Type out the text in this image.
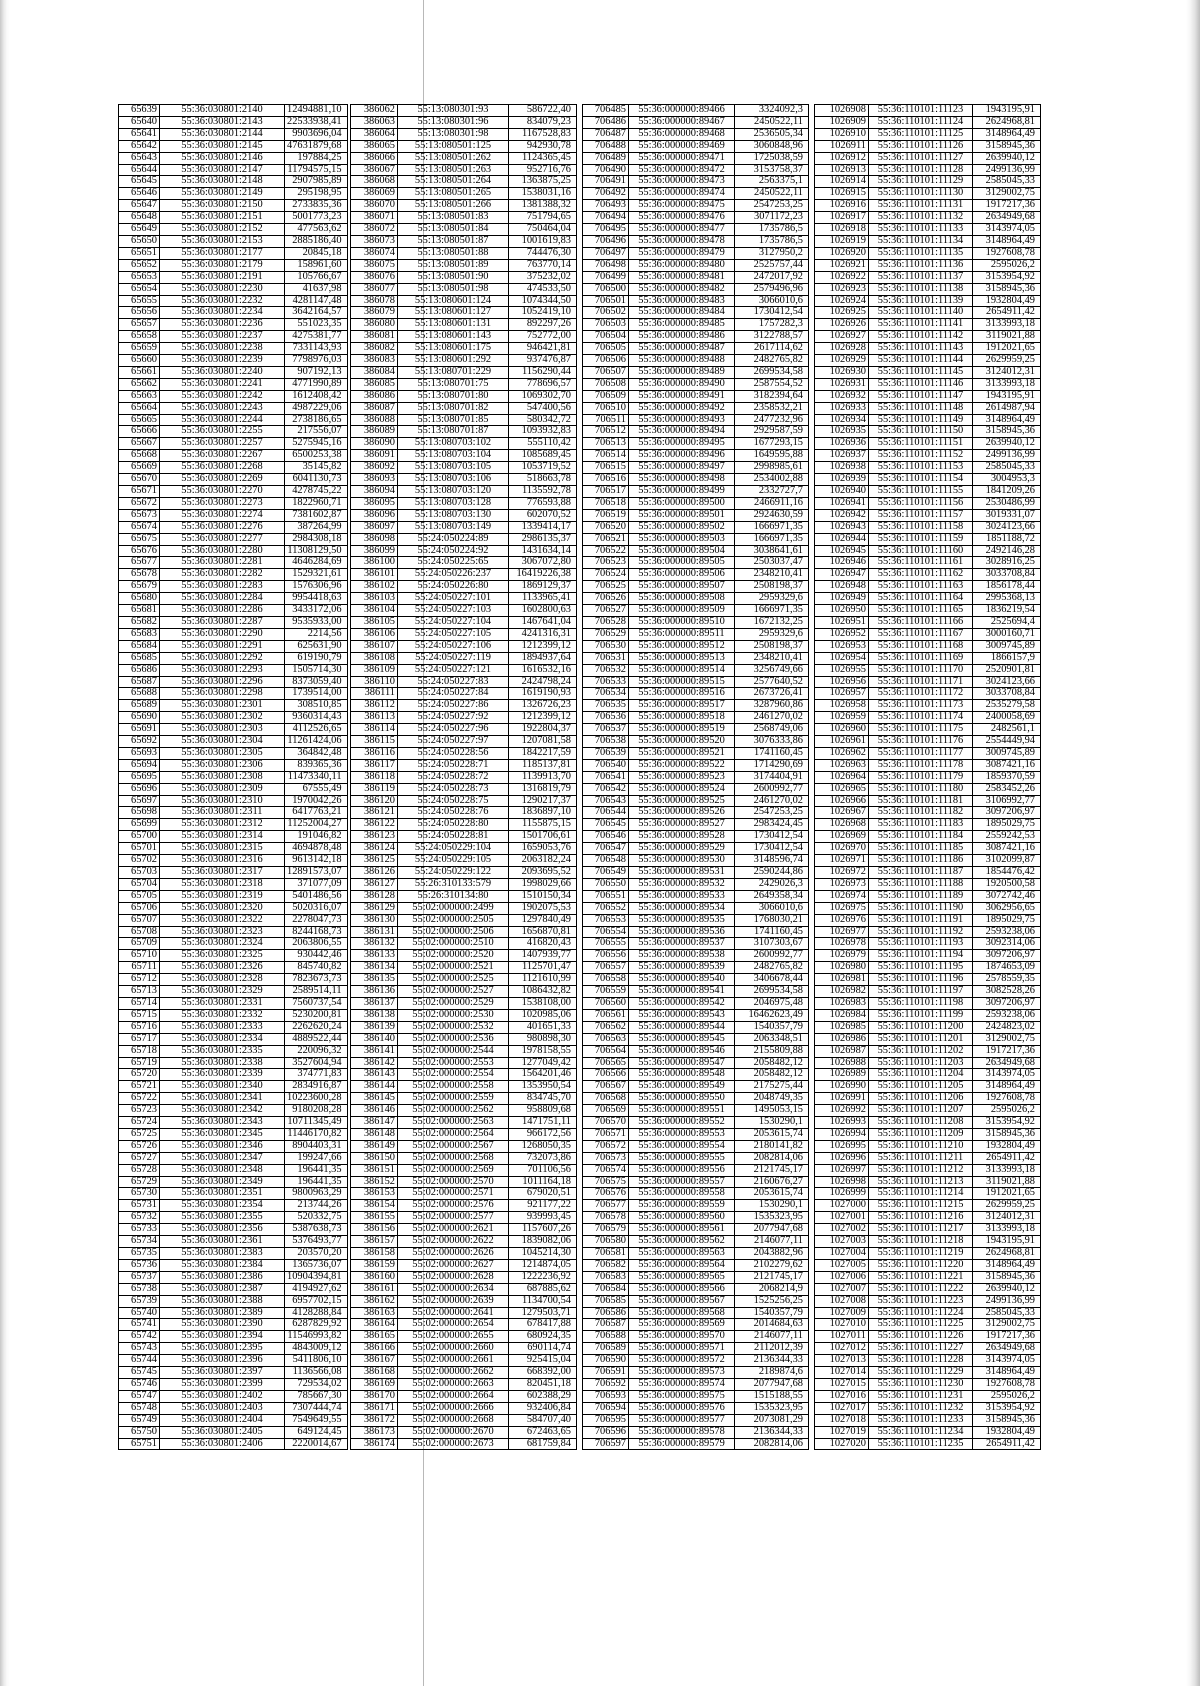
65639	55:36:030801:2140	12494881,10
65640	55:36:030801:2143	22533938,41
65641	55:36:030801:2144	9903696,04
65642	55:36:030801:2145	47631879,68
65643	55:36:030801:2146	197884,25
65644	55:36:030801:2147	11794575,15
65645	55:36:030801:2148	2907985,89
65646	55:36:030801:2149	295198,95
65647	55:36:030801:2150	2733835,36
65648	55:36:030801:2151	5001773,23
65649	55:36:030801:2152	477563,62
65650	55:36:030801:2153	2885186,40
65651	55:36:030801:2177	20845,18
65652	55:36:030801:2179	158961,60
65653	55:36:030801:2191	105766,67
65654	55:36:030801:2230	41637,98
65655	55:36:030801:2232	4281147,48
65656	55:36:030801:2234	3642164,57
65657	55:36:030801:2236	551023,35
65658	55:36:030801:2237	4275381,77
65659	55:36:030801:2238	7331143,93
65660	55:36:030801:2239	7798976,03
65661	55:36:030801:2240	907192,13
65662	55:36:030801:2241	4771990,89
65663	55:36:030801:2242	1612408,42
65664	55:36:030801:2243	4987229,06
65665	55:36:030801:2244	2738186,65
65666	55:36:030801:2255	217556,07
65667	55:36:030801:2257	5275945,16
65668	55:36:030801:2267	6500253,38
65669	55:36:030801:2268	35145,82
65670	55:36:030801:2269	6041130,73
65671	55:36:030801:2270	4278745,22
65672	55:36:030801:2273	1822960,71
65673	55:36:030801:2274	7381602,87
65674	55:36:030801:2276	387264,99
65675	55:36:030801:2277	2984308,18
65676	55:36:030801:2280	11308129,50
65677	55:36:030801:2281	4646284,69
65678	55:36:030801:2282	1529321,61
65679	55:36:030801:2283	1576306,96
65680	55:36:030801:2284	9954418,63
65681	55:36:030801:2286	3433172,06
65682	55:36:030801:2287	9535933,00
65683	55:36:030801:2290	2214,56
65684	55:36:030801:2291	625631,90
65685	55:36:030801:2292	619190,79
65686	55:36:030801:2293	1505714,30
65687	55:36:030801:2296	8373059,40
65688	55:36:030801:2298	1739514,00
65689	55:36:030801:2301	308510,85
65690	55:36:030801:2302	9360314,43
65691	55:36:030801:2303	4112526,65
65692	55:36:030801:2304	11261424,06
65693	55:36:030801:2305	364842,48
65694	55:36:030801:2306	839365,36
65695	55:36:030801:2308	11473340,11
65696	55:36:030801:2309	67555,49
65697	55:36:030801:2310	1970042,26
65698	55:36:030801:2311	6417763,21
65699	55:36:030801:2312	11252004,27
65700	55:36:030801:2314	191046,82
65701	55:36:030801:2315	4694878,48
65702	55:36:030801:2316	9613142,18
65703	55:36:030801:2317	12891573,07
65704	55:36:030801:2318	371077,09
65705	55:36:030801:2319	5401486,56
65706	55:36:030801:2320	5020316,07
65707	55:36:030801:2322	2278047,73
65708	55:36:030801:2323	8244168,73
65709	55:36:030801:2324	2063806,55
65710	55:36:030801:2325	930442,46
65711	55:36:030801:2326	845740,82
65712	55:36:030801:2328	7823673,73
65713	55:36:030801:2329	2589514,11
65714	55:36:030801:2331	7560737,54
65715	55:36:030801:2332	5230200,81
65716	55:36:030801:2333	2262620,24
65717	55:36:030801:2334	4889522,44
65718	55:36:030801:2335	220096,32
65719	55:36:030801:2338	3527604,94
65720	55:36:030801:2339	374771,83
65721	55:36:030801:2340	2834916,87
65722	55:36:030801:2341	10223600,28
65723	55:36:030801:2342	9180208,28
65724	55:36:030801:2343	10711345,49
65725	55:36:030801:2345	11446170,82
65726	55:36:030801:2346	8904403,31
65727	55:36:030801:2347	199247,66
65728	55:36:030801:2348	196441,35
65729	55:36:030801:2349	196441,35
65730	55:36:030801:2351	9800963,29
65731	55:36:030801:2354	213744,26
65732	55:36:030801:2355	520332,75
65733	55:36:030801:2356	5387638,73
65734	55:36:030801:2361	5376493,77
65735	55:36:030801:2383	203570,20
65736	55:36:030801:2384	1365736,07
65737	55:36:030801:2386	10904394,81
65738	55:36:030801:2387	4194927,62
65739	55:36:030801:2388	6957702,15
65740	55:36:030801:2389	4128288,84
65741	55:36:030801:2390	6287829,92
65742	55:36:030801:2394	11546993,82
65743	55:36:030801:2395	4843009,12
65744	55:36:030801:2396	5411806,10
65745	55:36:030801:2397	1136566,08
65746	55:36:030801:2399	729534,02
65747	55:36:030801:2402	785667,30
65748	55:36:030801:2403	7307444,74
65749	55:36:030801:2404	7549649,55
65750	55:36:030801:2405	649124,45
65751	55:36:030801:2406	2220014,67
386062	55:13:080301:93	586722,40
386063	55:13:080301:96	834079,23
386064	55:13:080301:98	1167528,83
386065	55:13:080501:125	942930,78
386066	55:13:080501:262	1124365,45
386067	55:13:080501:263	952716,76
386068	55:13:080501:264	1363875,25
386069	55:13:080501:265	1538031,16
386070	55:13:080501:266	1381388,32
386071	55:13:080501:83	751794,65
386072	55:13:080501:84	750464,04
386073	55:13:080501:87	1001619,83
386074	55:13:080501:88	744476,30
386075	55:13:080501:89	763770,14
386076	55:13:080501:90	375232,02
386077	55:13:080501:98	474533,50
386078	55:13:080601:124	1074344,50
386079	55:13:080601:127	1052419,10
386080	55:13:080601:131	892297,26
386081	55:13:080601:143	752772,00
386082	55:13:080601:175	946421,81
386083	55:13:080601:292	937476,87
386084	55:13:080701:229	1156290,44
386085	55:13:080701:75	778696,57
386086	55:13:080701:80	1069302,70
386087	55:13:080701:82	547400,56
386088	55:13:080701:85	580342,72
386089	55:13:080701:87	1093932,83
386090	55:13:080703:102	555110,42
386091	55:13:080703:104	1085689,45
386092	55:13:080703:105	1053719,52
386093	55:13:080703:106	518663,78
386094	55:13:080703:120	1135592,78
386095	55:13:080703:128	776593,88
386096	55:13:080703:130	602070,52
386097	55:13:080703:149	1339414,17
386098	55:24:050224:89	2986135,37
386099	55:24:050224:92	1431634,14
386100	55:24:050225:65	3067072,80
386101	55:24:050226:237	16419226,38
386102	55:24:050226:80	1869129,37
386103	55:24:050227:101	1133965,41
386104	55:24:050227:103	1602800,63
386105	55:24:050227:104	1467641,04
386106	55:24:050227:105	4241316,31
386107	55:24:050227:106	1212399,12
386108	55:24:050227:119	1894937,64
386109	55:24:050227:121	1616532,16
386110	55:24:050227:83	2424798,24
386111	55:24:050227:84	1619190,93
386112	55:24:050227:86	1326726,23
386113	55:24:050227:92	1212399,12
386114	55:24:050227:96	1922804,37
386115	55:24:050227:97	1207081,58
386116	55:24:050228:56	1842217,59
386117	55:24:050228:71	1185137,81
386118	55:24:050228:72	1139913,70
386119	55:24:050228:73	1316819,79
386120	55:24:050228:75	1290217,37
386121	55:24:050228:76	1836897,10
386122	55:24:050228:80	1155875,15
386123	55:24:050228:81	1501706,61
386124	55:24:050229:104	1659053,76
386125	55:24:050229:105	2063182,24
386126	55:24:050229:122	2093695,52
386127	55:26:310133:579	1998029,66
386128	55:26:310134:80	1510150,34
386129	55:02:000000:2499	1902075,53
386130	55:02:000000:2505	1297840,49
386131	55:02:000000:2506	1656870,81
386132	55:02:000000:2510	416820,43
386133	55:02:000000:2520	1407939,77
386134	55:02:000000:2521	1125701,47
386135	55:02:000000:2525	1121610,99
386136	55:02:000000:2527	1086432,82
386137	55:02:000000:2529	1538108,00
386138	55:02:000000:2530	1020985,06
386139	55:02:000000:2532	401651,33
386140	55:02:000000:2536	980898,30
386141	55:02:000000:2544	1978158,55
386142	55:02:000000:2553	1277049,42
386143	55:02:000000:2554	1564201,46
386144	55:02:000000:2558	1353950,54
386145	55:02:000000:2559	834745,70
386146	55:02:000000:2562	958809,68
386147	55:02:000000:2563	1471751,11
386148	55:02:000000:2564	966172,56
386149	55:02:000000:2567	1268050,35
386150	55:02:000000:2568	732073,86
386151	55:02:000000:2569	701106,56
386152	55:02:000000:2570	1011164,18
386153	55:02:000000:2571	679020,51
386154	55:02:000000:2576	921177,22
386155	55:02:000000:2577	939993,45
386156	55:02:000000:2621	1157607,26
386157	55:02:000000:2622	1839082,06
386158	55:02:000000:2626	1045214,30
386159	55:02:000000:2627	1214874,05
386160	55:02:000000:2628	1222236,92
386161	55:02:000000:2634	687885,62
386162	55:02:000000:2639	1134700,54
386163	55:02:000000:2641	1279503,71
386164	55:02:000000:2654	678417,88
386165	55:02:000000:2655	680924,35
386166	55:02:000000:2660	690114,74
386167	55:02:000000:2661	925415,04
386168	55:02:000000:2662	668392,00
386169	55:02:000000:2663	820451,18
386170	55:02:000000:2664	602388,29
386171	55:02:000000:2666	932406,84
386172	55:02:000000:2668	584707,40
386173	55:02:000000:2670	672463,65
386174	55:02:000000:2673	681759,84
706485	55:36:000000:89466	3324092,3
706486	55:36:000000:89467	2450522,11
706487	55:36:000000:89468	2536505,34
706488	55:36:000000:89469	3060848,96
706489	55:36:000000:89471	1725038,59
706490	55:36:000000:89472	3153758,37
706491	55:36:000000:89473	2563375,1
706492	55:36:000000:89474	2450522,11
706493	55:36:000000:89475	2547253,25
706494	55:36:000000:89476	3071172,23
706495	55:36:000000:89477	1735786,5
706496	55:36:000000:89478	1735786,5
706497	55:36:000000:89479	3127950,2
706498	55:36:000000:89480	2525757,44
706499	55:36:000000:89481	2472017,92
706500	55:36:000000:89482	2579496,96
706501	55:36:000000:89483	3066010,6
706502	55:36:000000:89484	1730412,54
706503	55:36:000000:89485	1757282,3
706504	55:36:000000:89486	3122788,57
706505	55:36:000000:89487	2617114,62
706506	55:36:000000:89488	2482765,82
706507	55:36:000000:89489	2699534,58
706508	55:36:000000:89490	2587554,52
706509	55:36:000000:89491	3182394,64
706510	55:36:000000:89492	2358532,21
706511	55:36:000000:89493	2477232,96
706512	55:36:000000:89494	2929587,59
706513	55:36:000000:89495	1677293,15
706514	55:36:000000:89496	1649595,88
706515	55:36:000000:89497	2998985,61
706516	55:36:000000:89498	2534002,88
706517	55:36:000000:89499	2332727,7
706518	55:36:000000:89500	2466911,16
706519	55:36:000000:89501	2924630,59
706520	55:36:000000:89502	1666971,35
706521	55:36:000000:89503	1666971,35
706522	55:36:000000:89504	3038641,61
706523	55:36:000000:89505	2503037,47
706524	55:36:000000:89506	2348210,41
706525	55:36:000000:89507	2508198,37
706526	55:36:000000:89508	2959329,6
706527	55:36:000000:89509	1666971,35
706528	55:36:000000:89510	1672132,25
706529	55:36:000000:89511	2959329,6
706530	55:36:000000:89512	2508198,37
706531	55:36:000000:89513	2348210,41
706532	55:36:000000:89514	3256749,66
706533	55:36:000000:89515	2577640,52
706534	55:36:000000:89516	2673726,41
706535	55:36:000000:89517	3287960,86
706536	55:36:000000:89518	2461270,02
706537	55:36:000000:89519	2568749,06
706538	55:36:000000:89520	3076333,86
706539	55:36:000000:89521	1741160,45
706540	55:36:000000:89522	1714290,69
706541	55:36:000000:89523	3174404,91
706542	55:36:000000:89524	2600992,77
706543	55:36:000000:89525	2461270,02
706544	55:36:000000:89526	2547253,25
706545	55:36:000000:89527	2983424,45
706546	55:36:000000:89528	1730412,54
706547	55:36:000000:89529	1730412,54
706548	55:36:000000:89530	3148596,74
706549	55:36:000000:89531	2590244,86
706550	55:36:000000:89532	2429026,3
706551	55:36:000000:89533	2649358,34
706552	55:36:000000:89534	3066010,6
706553	55:36:000000:89535	1768030,21
706554	55:36:000000:89536	1741160,45
706555	55:36:000000:89537	3107303,67
706556	55:36:000000:89538	2600992,77
706557	55:36:000000:89539	2482765,82
706558	55:36:000000:89540	3406678,44
706559	55:36:000000:89541	2699534,58
706560	55:36:000000:89542	2046975,48
706561	55:36:000000:89543	16462623,49
706562	55:36:000000:89544	1540357,79
706563	55:36:000000:89545	2063348,51
706564	55:36:000000:89546	2155809,88
706565	55:36:000000:89547	2058482,12
706566	55:36:000000:89548	2058482,12
706567	55:36:000000:89549	2175275,44
706568	55:36:000000:89550	2048749,35
706569	55:36:000000:89551	1495053,15
706570	55:36:000000:89552	1530290,1
706571	55:36:000000:89553	2053615,74
706572	55:36:000000:89554	2180141,82
706573	55:36:000000:89555	2082814,06
706574	55:36:000000:89556	2121745,17
706575	55:36:000000:89557	2160676,27
706576	55:36:000000:89558	2053615,74
706577	55:36:000000:89559	1530290,1
706578	55:36:000000:89560	1535323,95
706579	55:36:000000:89561	2077947,68
706580	55:36:000000:89562	2146077,11
706581	55:36:000000:89563	2043882,96
706582	55:36:000000:89564	2102279,62
706583	55:36:000000:89565	2121745,17
706584	55:36:000000:89566	2068214,9
706585	55:36:000000:89567	1525256,25
706586	55:36:000000:89568	1540357,79
706587	55:36:000000:89569	2014684,63
706588	55:36:000000:89570	2146077,11
706589	55:36:000000:89571	2112012,39
706590	55:36:000000:89572	2136344,33
706591	55:36:000000:89573	2189874,6
706592	55:36:000000:89574	2077947,68
706593	55:36:000000:89575	1515188,55
706594	55:36:000000:89576	1535323,95
706595	55:36:000000:89577	2073081,29
706596	55:36:000000:89578	2136344,33
706597	55:36:000000:89579	2082814,06
1026908	55:36:110101:11123	1943195,91
1026909	55:36:110101:11124	2624968,81
1026910	55:36:110101:11125	3148964,49
1026911	55:36:110101:11126	3158945,36
1026912	55:36:110101:11127	2639940,12
1026913	55:36:110101:11128	2499136,99
1026914	55:36:110101:11129	2585045,33
1026915	55:36:110101:11130	3129002,75
1026916	55:36:110101:11131	1917217,36
1026917	55:36:110101:11132	2634949,68
1026918	55:36:110101:11133	3143974,05
1026919	55:36:110101:11134	3148964,49
1026920	55:36:110101:11135	1927608,78
1026921	55:36:110101:11136	2595026,2
1026922	55:36:110101:11137	3153954,92
1026923	55:36:110101:11138	3158945,36
1026924	55:36:110101:11139	1932804,49
1026925	55:36:110101:11140	2654911,42
1026926	55:36:110101:11141	3133993,18
1026927	55:36:110101:11142	3119021,88
1026928	55:36:110101:11143	1912021,65
1026929	55:36:110101:11144	2629959,25
1026930	55:36:110101:11145	3124012,31
1026931	55:36:110101:11146	3133993,18
1026932	55:36:110101:11147	1943195,91
1026933	55:36:110101:11148	2614987,94
1026934	55:36:110101:11149	3148964,49
1026935	55:36:110101:11150	3158945,36
1026936	55:36:110101:11151	2639940,12
1026937	55:36:110101:11152	2499136,99
1026938	55:36:110101:11153	2585045,33
1026939	55:36:110101:11154	3004953,3
1026940	55:36:110101:11155	1841209,26
1026941	55:36:110101:11156	2530486,99
1026942	55:36:110101:11157	3019331,07
1026943	55:36:110101:11158	3024123,66
1026944	55:36:110101:11159	1851188,72
1026945	55:36:110101:11160	2492146,28
1026946	55:36:110101:11161	3028916,25
1026947	55:36:110101:11162	3033708,84
1026948	55:36:110101:11163	1856178,44
1026949	55:36:110101:11164	2995368,13
1026950	55:36:110101:11165	1836219,54
1026951	55:36:110101:11166	2525694,4
1026952	55:36:110101:11167	3000160,71
1026953	55:36:110101:11168	3009745,89
1026954	55:36:110101:11169	1866157,9
1026955	55:36:110101:11170	2520901,81
1026956	55:36:110101:11171	3024123,66
1026957	55:36:110101:11172	3033708,84
1026958	55:36:110101:11173	2535279,58
1026959	55:36:110101:11174	2400058,69
1026960	55:36:110101:11175	2482561,1
1026961	55:36:110101:11176	2554449,94
1026962	55:36:110101:11177	3009745,89
1026963	55:36:110101:11178	3087421,16
1026964	55:36:110101:11179	1859370,59
1026965	55:36:110101:11180	2583452,26
1026966	55:36:110101:11181	3106992,77
1026967	55:36:110101:11182	3097206,97
1026968	55:36:110101:11183	1895029,75
1026969	55:36:110101:11184	2559242,53
1026970	55:36:110101:11185	3087421,16
1026971	55:36:110101:11186	3102099,87
1026972	55:36:110101:11187	1854476,42
1026973	55:36:110101:11188	1920500,58
1026974	55:36:110101:11189	3072742,46
1026975	55:36:110101:11190	3062956,65
1026976	55:36:110101:11191	1895029,75
1026977	55:36:110101:11192	2593238,06
1026978	55:36:110101:11193	3092314,06
1026979	55:36:110101:11194	3097206,97
1026980	55:36:110101:11195	1874653,09
1026981	55:36:110101:11196	2578559,35
1026982	55:36:110101:11197	3082528,26
1026983	55:36:110101:11198	3097206,97
1026984	55:36:110101:11199	2593238,06
1026985	55:36:110101:11200	2424823,02
1026986	55:36:110101:11201	3129002,75
1026987	55:36:110101:11202	1917217,36
1026988	55:36:110101:11203	2634949,68
1026989	55:36:110101:11204	3143974,05
1026990	55:36:110101:11205	3148964,49
1026991	55:36:110101:11206	1927608,78
1026992	55:36:110101:11207	2595026,2
1026993	55:36:110101:11208	3153954,92
1026994	55:36:110101:11209	3158945,36
1026995	55:36:110101:11210	1932804,49
1026996	55:36:110101:11211	2654911,42
1026997	55:36:110101:11212	3133993,18
1026998	55:36:110101:11213	3119021,88
1026999	55:36:110101:11214	1912021,65
1027000	55:36:110101:11215	2629959,25
1027001	55:36:110101:11216	3124012,31
1027002	55:36:110101:11217	3133993,18
1027003	55:36:110101:11218	1943195,91
1027004	55:36:110101:11219	2624968,81
1027005	55:36:110101:11220	3148964,49
1027006	55:36:110101:11221	3158945,36
1027007	55:36:110101:11222	2639940,12
1027008	55:36:110101:11223	2499136,99
1027009	55:36:110101:11224	2585045,33
1027010	55:36:110101:11225	3129002,75
1027011	55:36:110101:11226	1917217,36
1027012	55:36:110101:11227	2634949,68
1027013	55:36:110101:11228	3143974,05
1027014	55:36:110101:11229	3148964,49
1027015	55:36:110101:11230	1927608,78
1027016	55:36:110101:11231	2595026,2
1027017	55:36:110101:11232	3153954,92
1027018	55:36:110101:11233	3158945,36
1027019	55:36:110101:11234	1932804,49
1027020	55:36:110101:11235	2654911,42
